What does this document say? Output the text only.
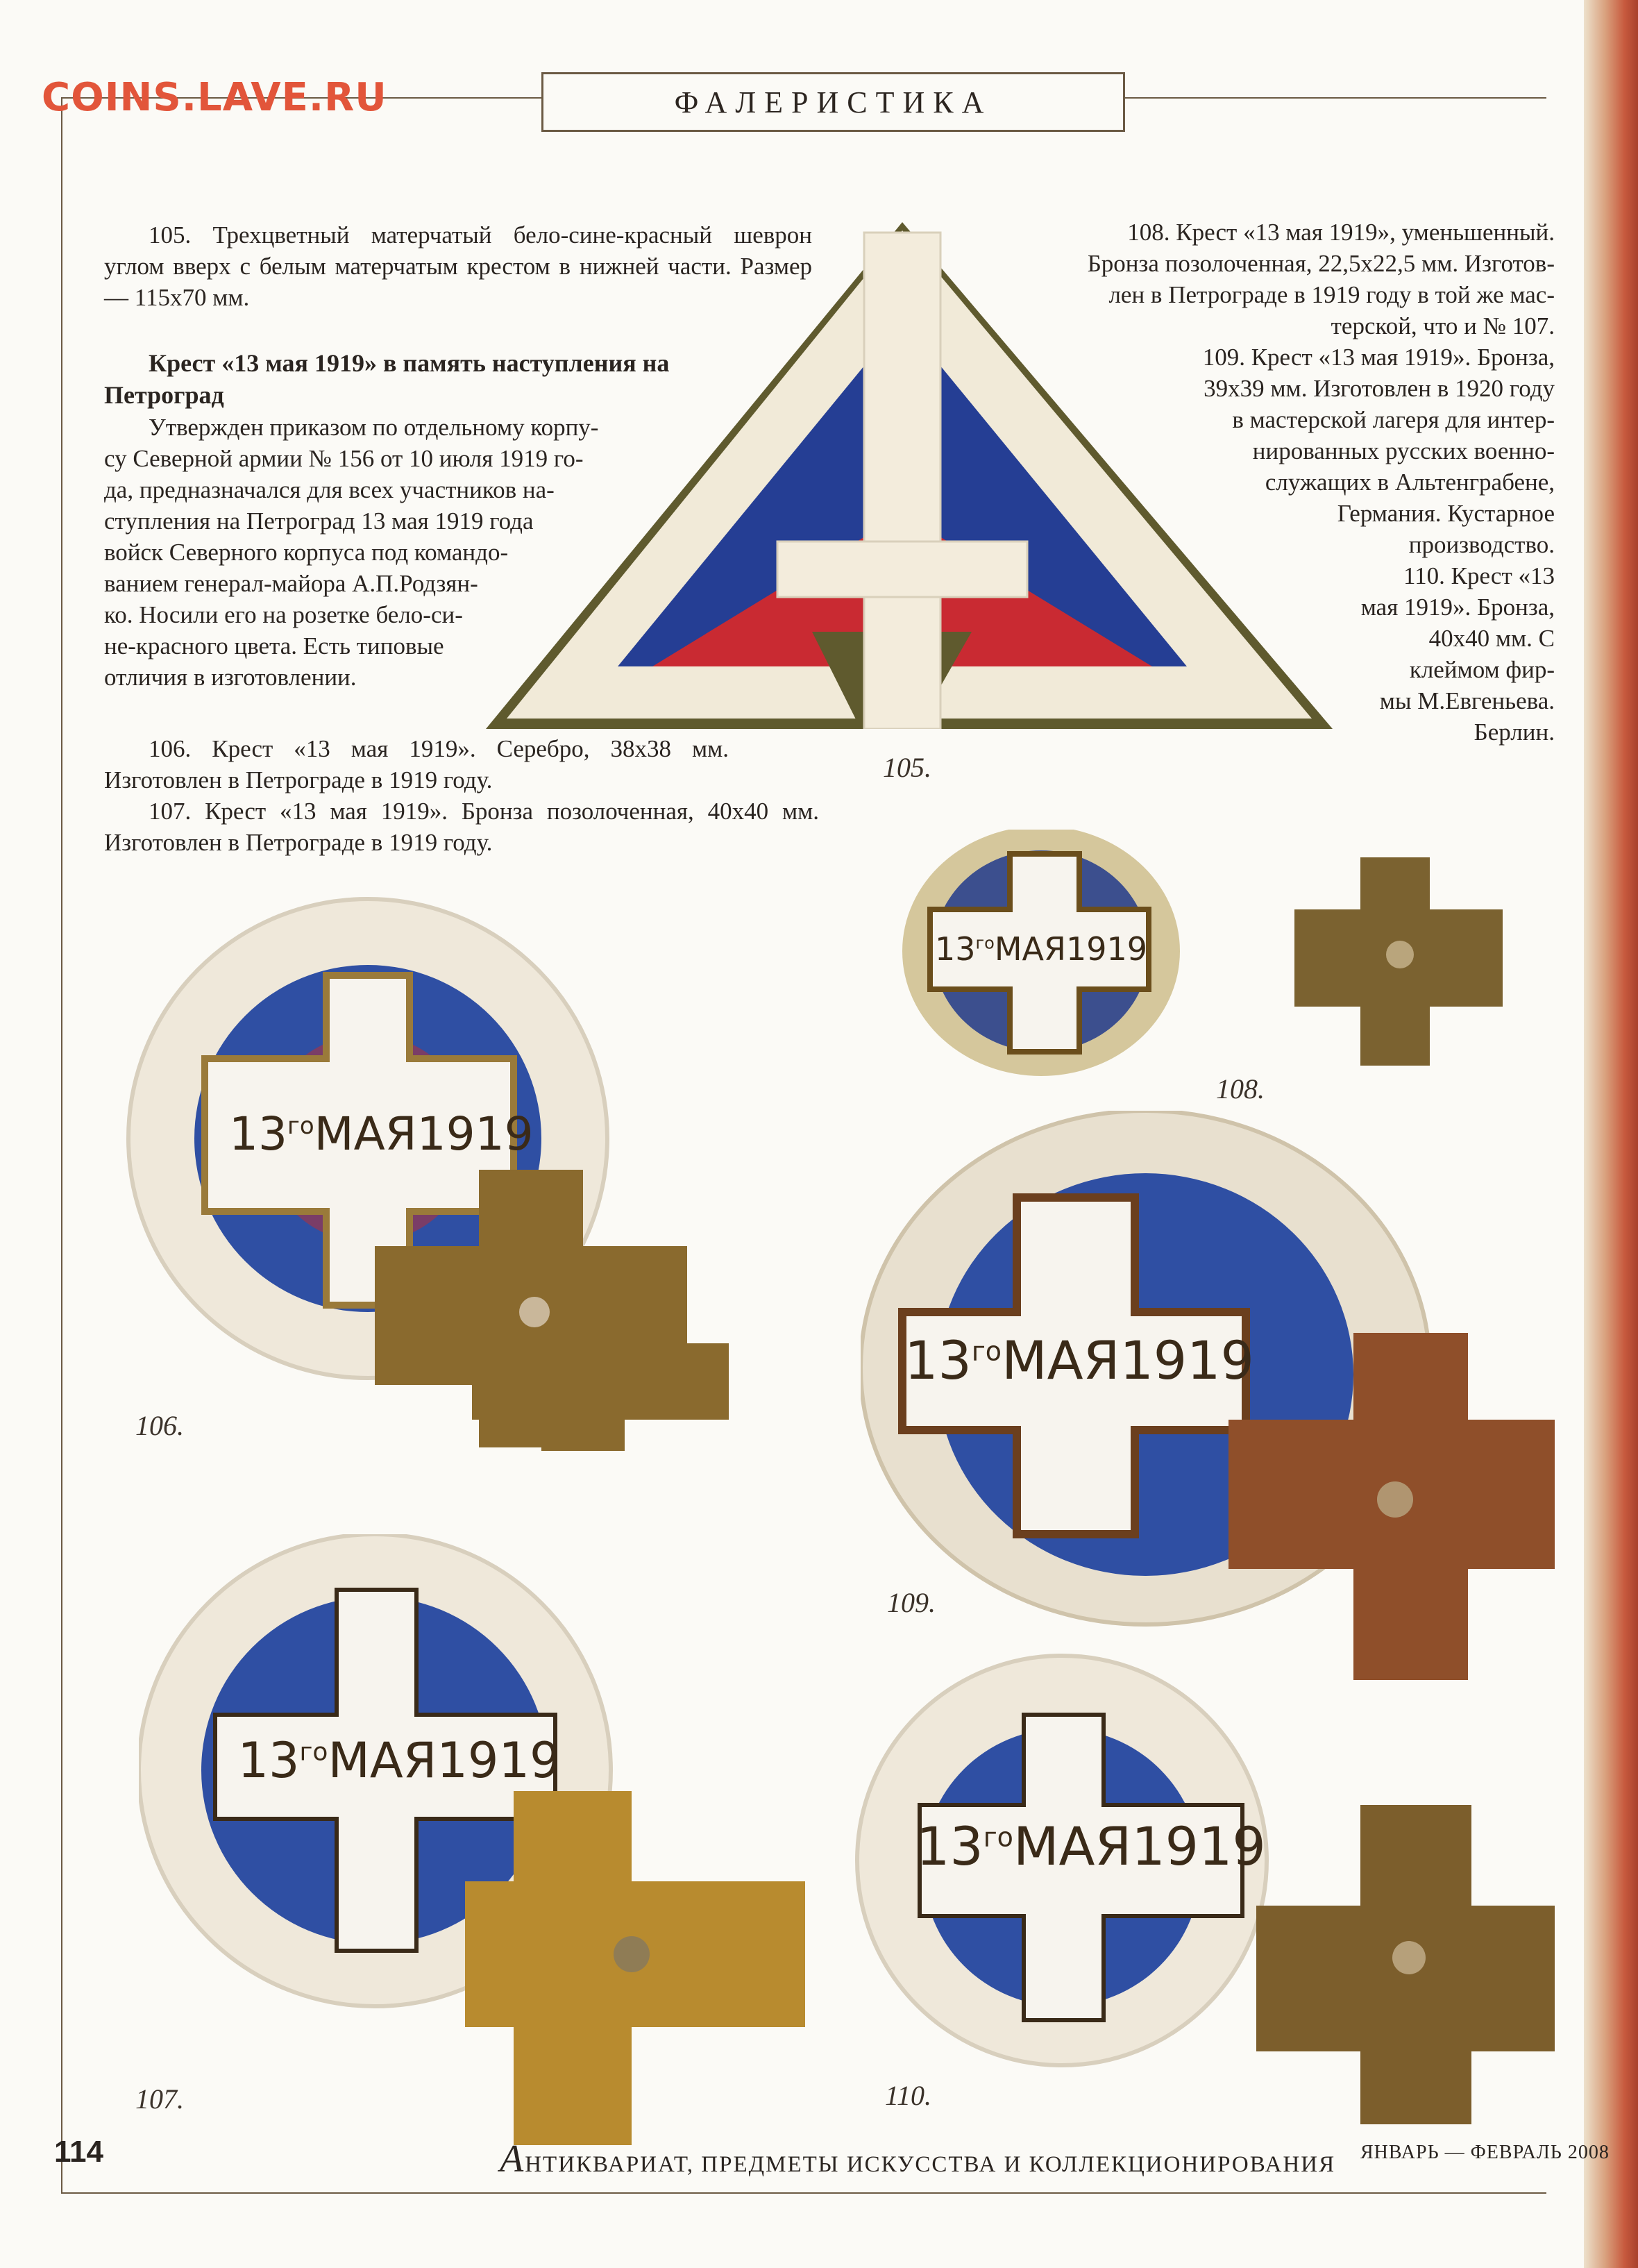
COINS.LAVE.RU	ФАЛЕРИСТИКА
105. Трехцветный матерчатый бело-сине-красный шеврон углом вверх с белым матерчатым крестом в нижней части. Размер — 115х70 мм.
Крест «13 мая 1919» в память наступления на Петроград
Утвержден приказом по отдельному корпу-
су Северной армии № 156 от 10 июля 1919 го-
да, предназначался для всех участников на-
ступления на Петроград 13 мая 1919 года
войск Северного корпуса под командо-
ванием генерал-майора А.П.Родзян-
ко. Носили его на розетке бело-си-
не-красного цвета. Есть типовые
отличия в изготовлении.
106. Крест «13 мая 1919». Серебро, 38х38 мм. Изготовлен в Петрограде в 1919 году.
107. Крест «13 мая 1919». Бронза позолоченная, 40х40 мм. Изготовлен в Петрограде в 1919 году.
108. Крест «13 мая 1919», уменьшенный.
Бронза позолоченная, 22,5х22,5 мм. Изготов-
лен в Петрограде в 1919 году в той же мас-
терской, что и № 107.
109. Крест «13 мая 1919». Бронза,
39х39 мм. Изготовлен в 1920 году
в мастерской лагеря для интер-
нированных русских военно-
служащих в Альтенграбене,
Германия. Кустарное
производство.
110. Крест «13
мая 1919». Бронза,
40х40 мм. С
клеймом фир-
мы М.Евгеньева.
Берлин.
105.
$13^{го}МАЯ1919$
106.
$13^{го}МАЯ1919$
107.
$13^{го}МАЯ1919$
108.
$13^{го}МАЯ1919$
109.
$13^{го}МАЯ1919$
110.
114	АНТИКВАРИАТ, ПРЕДМЕТЫ ИСКУССТВА И КОЛЛЕКЦИОНИРОВАНИЯ ЯНВАРЬ — ФЕВРАЛЬ 2008
